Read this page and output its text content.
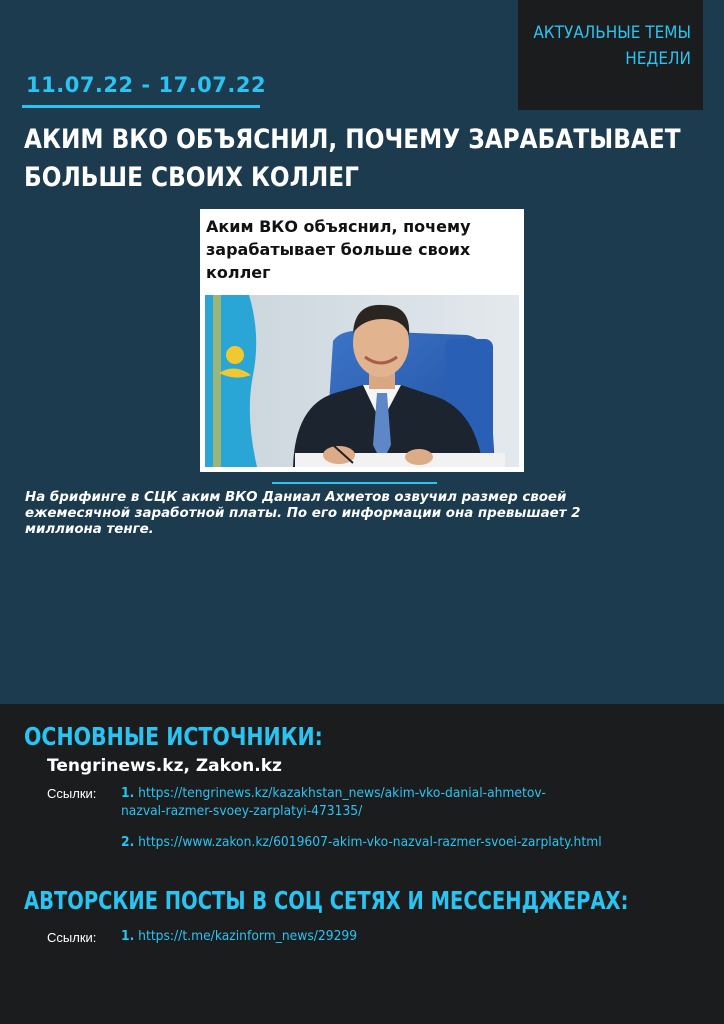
АКТУАЛЬНЫЕ ТЕМЫ
НЕДЕЛИ
11.07.22 - 17.07.22
АКИМ ВКО ОБЪЯСНИЛ, ПОЧЕМУ ЗАРАБАТЫВАЕТ
БОЛЬШЕ СВОИХ КОЛЛЕГ
Аким ВКО объяснил, почему
зарабатывает больше своих
коллег
На брифинге в СЦК аким ВКО Даниал Ахметов озвучил размер своей
ежемесячной заработной платы. По его информации она превышает 2
миллиона тенге.
ОСНОВНЫЕ ИСТОЧНИКИ:
Tengrinews.kz, Zakon.kz
Ссылки: 1. https://tengrinews.kz/kazakhstan_news/akim-vko-danial-ahmetov-
nazval-razmer-svoey-zarplatyi-473135/
2. https://www.zakon.kz/6019607-akim-vko-nazval-razmer-svoei-zarplaty.html
АВТОРСКИЕ ПОСТЫ В СОЦ СЕТЯХ И МЕССЕНДЖЕРАХ:
Ссылки: 1. https://t.me/kazinform_news/29299
